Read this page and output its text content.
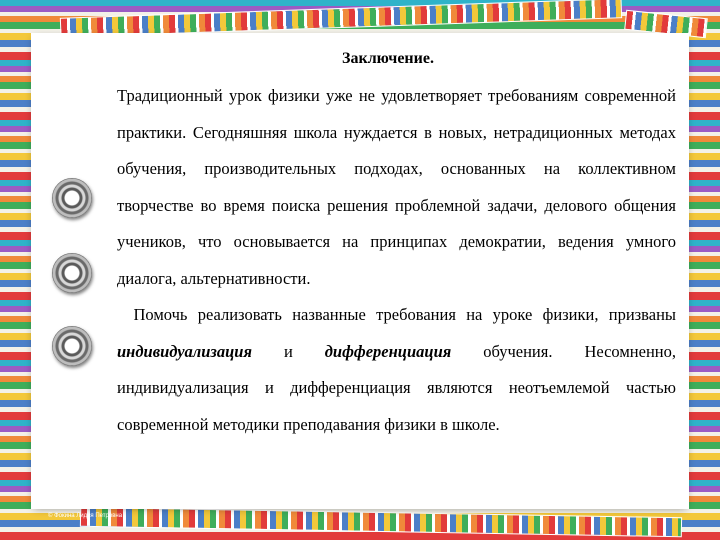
Заключение.

Традиционный урок физики уже не удовлетворяет требованиям современной практики. Сегодняшняя школа нуждается в новых, нетрадиционных методах обучения, производительных подходах, основанных на коллективном творчестве во время поиска решения проблемной задачи, делового общения учеников, что основывается на принципах демократии, ведения умного диалога, альтернативности.

Помочь реализовать названные требования на уроке физики, призваны индивидуализация и дифференциация обучения. Несомненно, индивидуализация и дифференциация являются неотъемлемой частью современной методики преподавания физики в школе.

© Фокина Лидия Петровна
